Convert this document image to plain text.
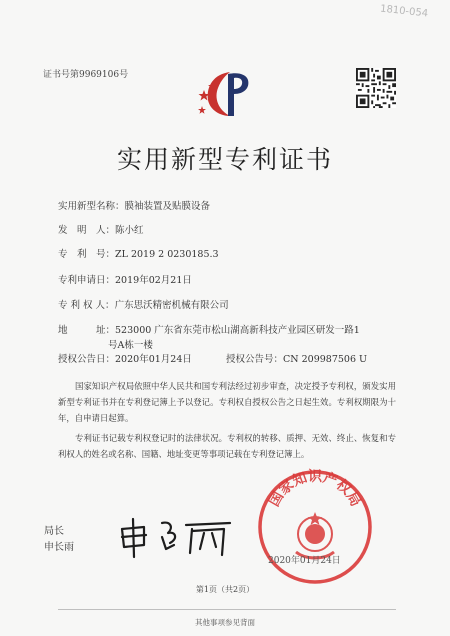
1810-054
证书号第9969106号
实用新型专利证书
实用新型名称：膜袖装置及贴膜设备
发　明　人：陈小红
专　利　号：ZL 2019 2 0230185.3
专利申请日：2019年02月21日
专 利 权 人：广东思沃精密机械有限公司
地　　　址：523000 广东省东莞市松山湖高新科技产业园区研发一路1
号A栋一楼
授权公告日：2020年01月24日	授权公告号：CN 209987506 U
国家知识产权局依照中华人民共和国专利法经过初步审查，决定授予专利权，颁发实用新型专利证书并在专利登记簿上予以登记。专利权自授权公告之日起生效。专利权期限为十年，自申请日起算。
专利证书记载专利权登记时的法律状况。专利权的转移、质押、无效、终止、恢复和专利权人的姓名或名称、国籍、地址变更等事项记载在专利登记簿上。
局长
申长雨
国家知识产权局
2020年01月24日
第1页（共2页）
其他事项参见背面
